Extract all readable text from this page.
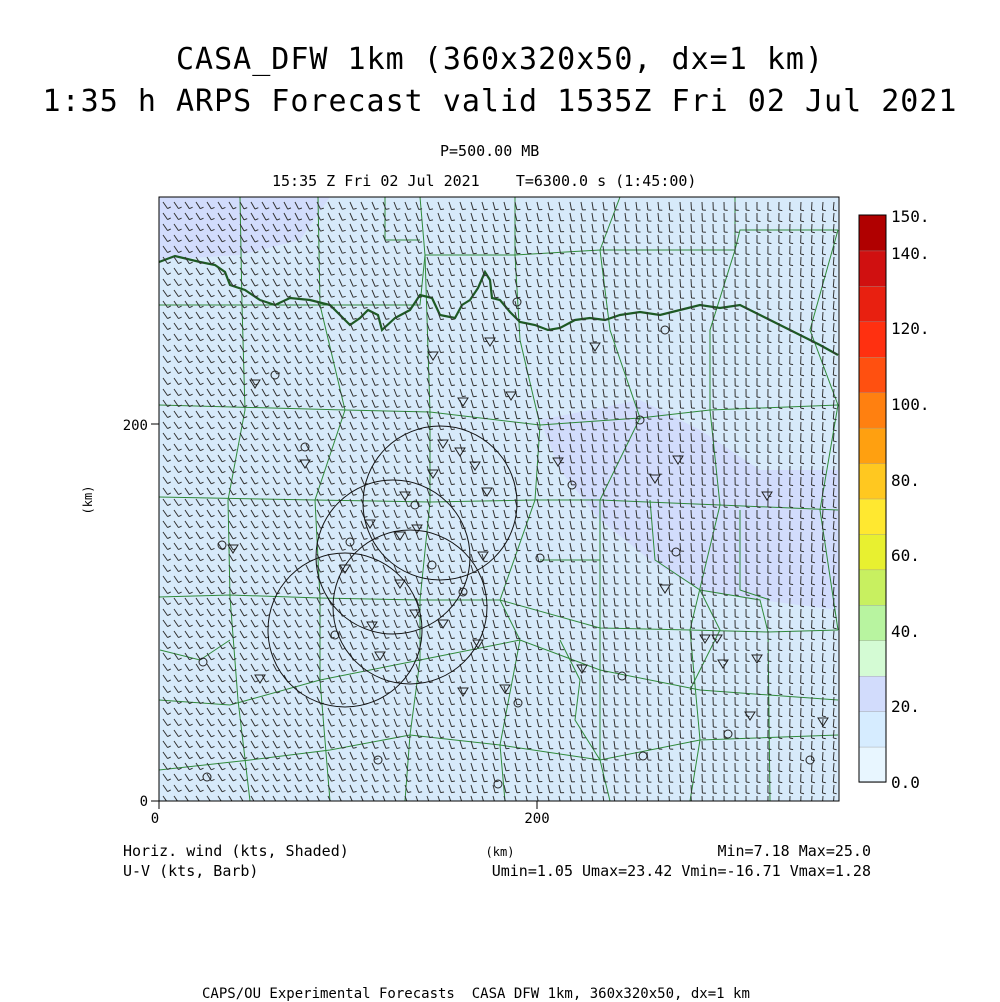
CASA_DFW 1km (360x320x50, dx=1 km)
1:35 h ARPS Forecast valid 1535Z Fri 02 Jul 2021
P=500.00 MB
15:35 Z Fri 02 Jul 2021    T=6300.0 s (1:45:00)
0	200
0
200
(km)
(km)
0.0
20.
40.
60.
80.
100.
120.
140.
150.
Horiz. wind (kts, Shaded)
U-V (kts, Barb)
Min=7.18 Max=25.0
Umin=1.05 Umax=23.42 Vmin=-16.71 Vmax=1.28
CAPS/OU Experimental Forecasts  CASA DFW 1km, 360x320x50, dx=1 km
